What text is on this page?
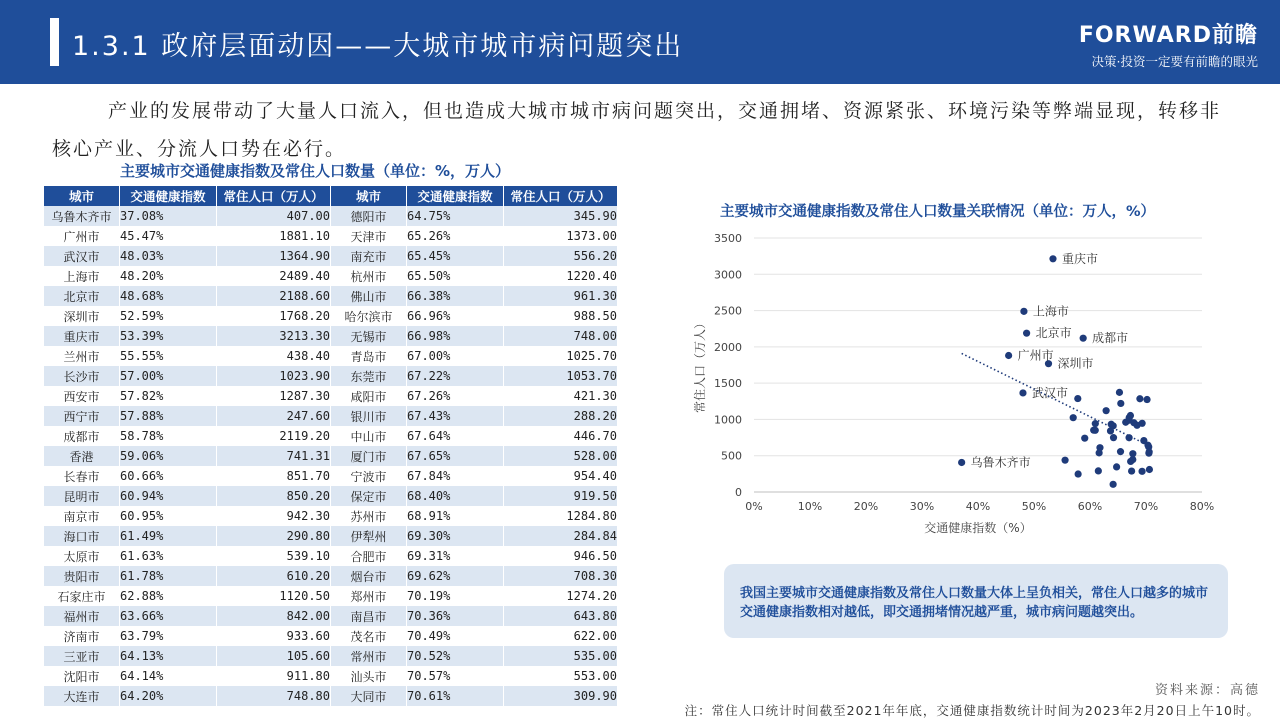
1.3.1 政府层面动因——大城市城市病问题突出	FORWARD前瞻
决策·投资一定要有前瞻的眼光
产业的发展带动了大量人口流入，但也造成大城市城市病问题突出，交通拥堵、资源紧张、环境污染等弊端显现，转移非核心产业、分流人口势在必行。
主要城市交通健康指数及常住人口数量（单位：%，万人）
城市	交通健康指数	常住人口（万人）	城市	交通健康指数	常住人口（万人）
乌鲁木齐市	37.08%	407.00	德阳市	64.75%	345.90
广州市	45.47%	1881.10	天津市	65.26%	1373.00
武汉市	48.03%	1364.90	南充市	65.45%	556.20
上海市	48.20%	2489.40	杭州市	65.50%	1220.40
北京市	48.68%	2188.60	佛山市	66.38%	961.30
深圳市	52.59%	1768.20	哈尔滨市	66.96%	988.50
重庆市	53.39%	3213.30	无锡市	66.98%	748.00
兰州市	55.55%	438.40	青岛市	67.00%	1025.70
长沙市	57.00%	1023.90	东莞市	67.22%	1053.70
西安市	57.82%	1287.30	咸阳市	67.26%	421.30
西宁市	57.88%	247.60	银川市	67.43%	288.20
成都市	58.78%	2119.20	中山市	67.64%	446.70
香港	59.06%	741.31	厦门市	67.65%	528.00
长春市	60.66%	851.70	宁波市	67.84%	954.40
昆明市	60.94%	850.20	保定市	68.40%	919.50
南京市	60.95%	942.30	苏州市	68.91%	1284.80
海口市	61.49%	290.80	伊犁州	69.30%	284.84
太原市	61.63%	539.10	合肥市	69.31%	946.50
贵阳市	61.78%	610.20	烟台市	69.62%	708.30
石家庄市	62.88%	1120.50	郑州市	70.19%	1274.20
福州市	63.66%	842.00	南昌市	70.36%	643.80
济南市	63.79%	933.60	茂名市	70.49%	622.00
三亚市	64.13%	105.60	常州市	70.52%	535.00
沈阳市	64.14%	911.80	汕头市	70.57%	553.00
大连市	64.20%	748.80	大同市	70.61%	309.90
主要城市交通健康指数及常住人口数量关联情况（单位：万人，%）
0
500
1000
1500
2000
2500
3000
3500
0%	10%	20%	30%	40%	50%	60%	70%	80%
交通健康指数（%）
常住人口（万人）
重庆市
上海市
北京市 成都市
广州市
深圳市
武汉市
乌鲁木齐市
我国主要城市交通健康指数及常住人口数量大体上呈负相关，常住人口越多的城市交通健康指数相对越低，即交通拥堵情况越严重，城市病问题越突出。
资料来源：高德
注：常住人口统计时间截至2021年年底，交通健康指数统计时间为2023年2月20日上午10时。
